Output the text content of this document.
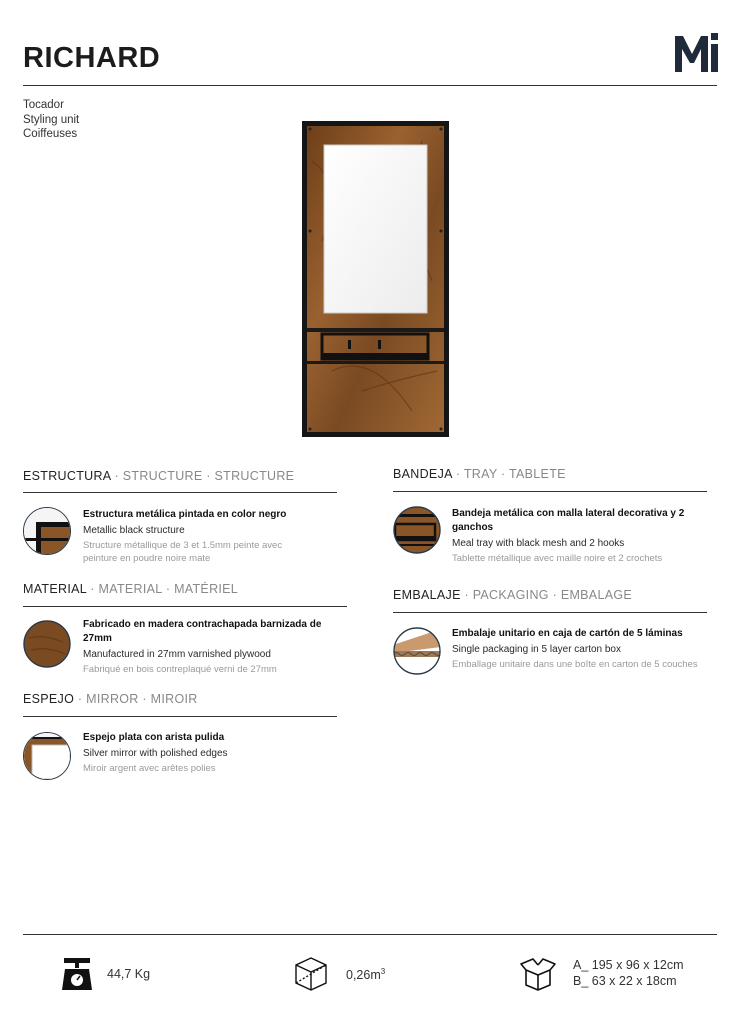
RICHARD
Tocador
Styling unit
Coiffeuses
ESTRUCTURA · STRUCTURE · STRUCTURE
Estructura metálica pintada en color negro
Metallic black structure
Structure métallique de 3 et 1.5mm peinte avec peinture en poudre noire mate
MATERIAL · MATERIAL · MATÉRIEL
Fabricado en madera contrachapada barnizada de 27mm
Manufactured in 27mm varnished plywood
Fabriqué en bois contreplaqué verni de 27mm
ESPEJO · MIRROR · MIROIR
Espejo plata con arista pulida
Silver mirror with polished edges
Miroir argent avec arêtes polies
BANDEJA · TRAY · TABLETE
Bandeja metálica con malla lateral decorativa y 2 ganchos
Meal tray with black mesh and 2 hooks
Tablette métallique avec maille noire et 2 crochets
EMBALAJE · PACKAGING · EMBALAGE
Embalaje unitario en caja de cartón de 5 láminas
Single packaging in 5 layer carton box
Emballage unitaire dans une boîte en carton de 5 couches
44,7 Kg	$0,26m^3$	A_ 195 x 96 x 12cm
B_ 63 x 22 x 18cm
